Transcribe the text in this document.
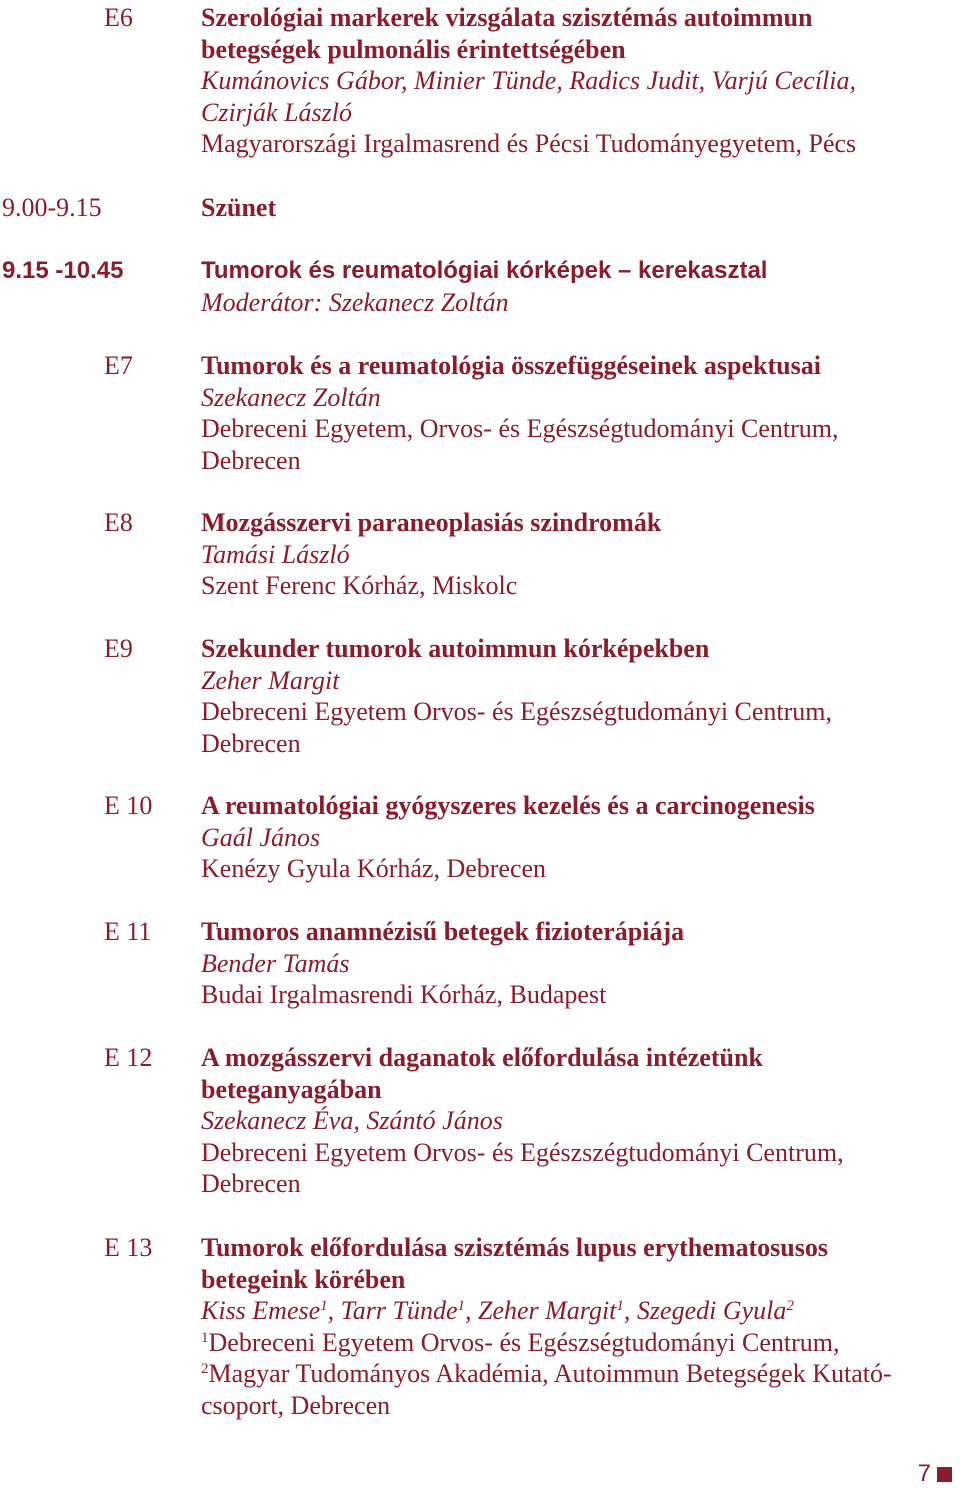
E6	Szerológiai markerek vizsgálata szisztémás autoimmun
betegségek pulmonális érintettségében
Kumánovics Gábor, Minier Tünde, Radics Judit, Varjú Cecília,
Czirják László
Magyarországi Irgalmasrend és Pécsi Tudományegyetem, Pécs
9.00-9.15	Szünet
9.15 -10.45	Tumorok és reumatológiai kórképek – kerekasztal
Moderátor: Szekanecz Zoltán
E7	Tumorok és a reumatológia összefüggéseinek aspektusai
Szekanecz Zoltán
Debreceni Egyetem, Orvos- és Egészségtudományi Centrum,
Debrecen
E8	Mozgásszervi paraneoplasiás szindromák
Tamási László
Szent Ferenc Kórház, Miskolc
E9	Szekunder tumorok autoimmun kórképekben
Zeher Margit
Debreceni Egyetem Orvos- és Egészségtudományi Centrum,
Debrecen
E 10 A reumatológiai gyógyszeres kezelés és a carcinogenesis
Gaál János
Kenézy Gyula Kórház, Debrecen
E 11 Tumoros anamnézisű betegek fizioterápiája
Bender Tamás
Budai Irgalmasrendi Kórház, Budapest
E 12 A mozgásszervi daganatok előfordulása intézetünk
beteganyagában
Szekanecz Éva, Szántó János
Debreceni Egyetem Orvos- és Egészszégtudományi Centrum,
Debrecen
E 13 Tumorok előfordulása szisztémás lupus erythematosusos
betegeink körében
Kiss Emese$^1$, Tarr Tünde$^1$, Zeher Margit$^1$, Szegedi Gyula$^2$
$^1$Debreceni Egyetem Orvos- és Egészségtudományi Centrum,
$^2$Magyar Tudományos Akadémia, Autoimmun Betegségek Kutató-
csoport, Debrecen
7
